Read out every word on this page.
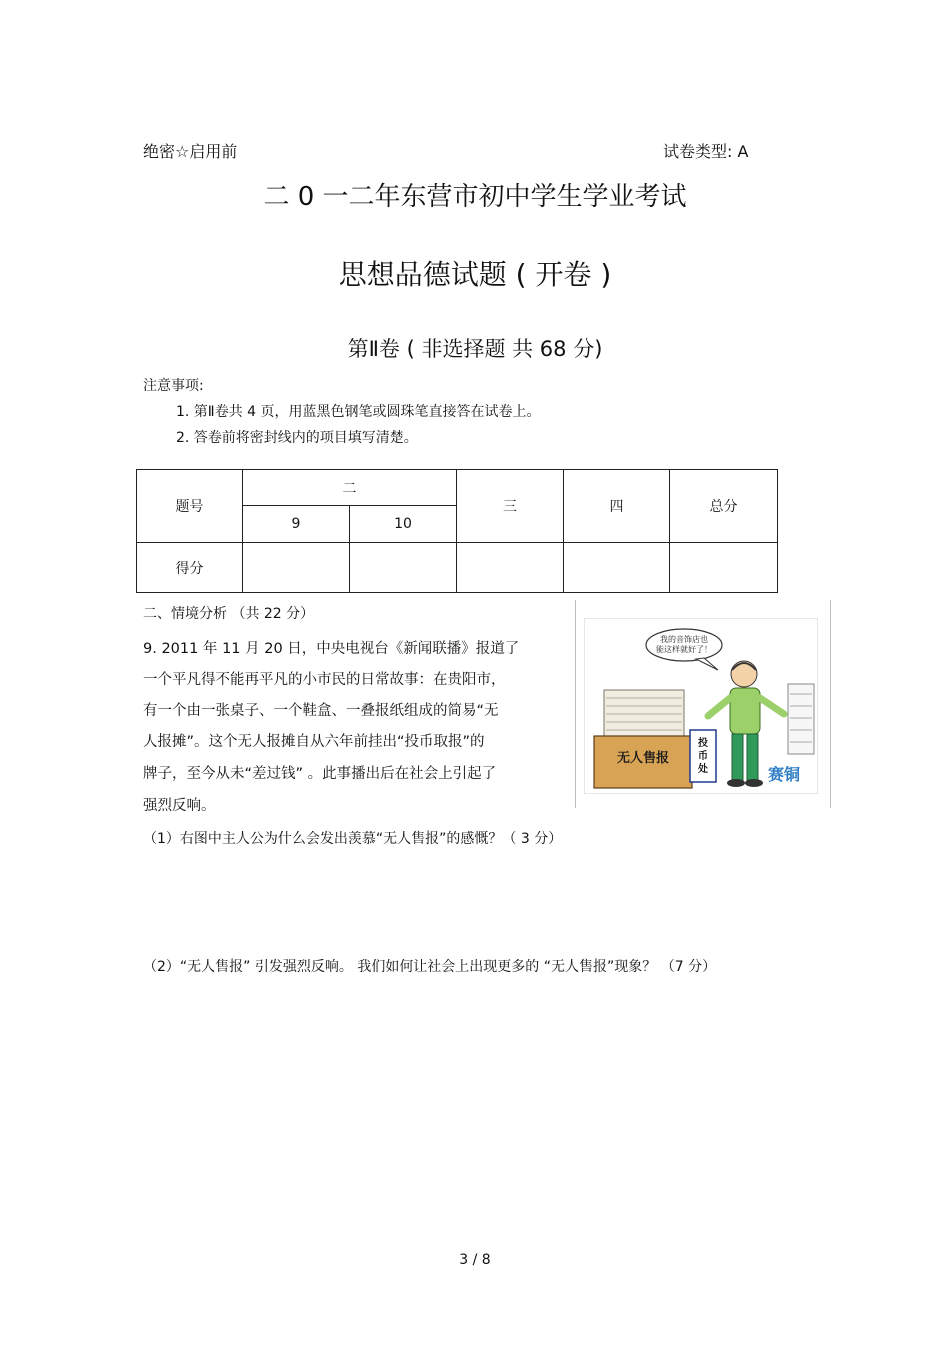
绝密☆启用前	试卷类型: A
二 0 一二年东营市初中学生学业考试
思想品德试题 ( 开卷 )
第Ⅱ卷 ( 非选择题 共 68 分)
注意事项:
1. 第Ⅱ卷共 4 页，用蓝黑色钢笔或圆珠笔直接答在试卷上。
2. 答卷前将密封线内的项目填写清楚。
题号	二		三	四	总分
	9	10			
得分					
二、情境分析 （共 22 分）
9. 2011 年 11 月 20 日，中央电视台《新闻联播》报道了
一个平凡得不能再平凡的小市民的日常故事：在贵阳市，
有一个由一张桌子、一个鞋盒、一叠报纸组成的简易“无
人报摊”。这个无人报摊自从六年前挂出“投币取报”的
牌子，至今从未“差过钱” 。此事播出后在社会上引起了
强烈反响。
我的音饰店也
能这样就好了！
无人售报
投
币
处	赛铜
（1）右图中主人公为什么会发出羡慕“无人售报”的感慨？（ 3 分）
（2）“无人售报” 引发强烈反响。 我们如何让社会上出现更多的 “无人售报”现象？ （7 分）
3 / 8
